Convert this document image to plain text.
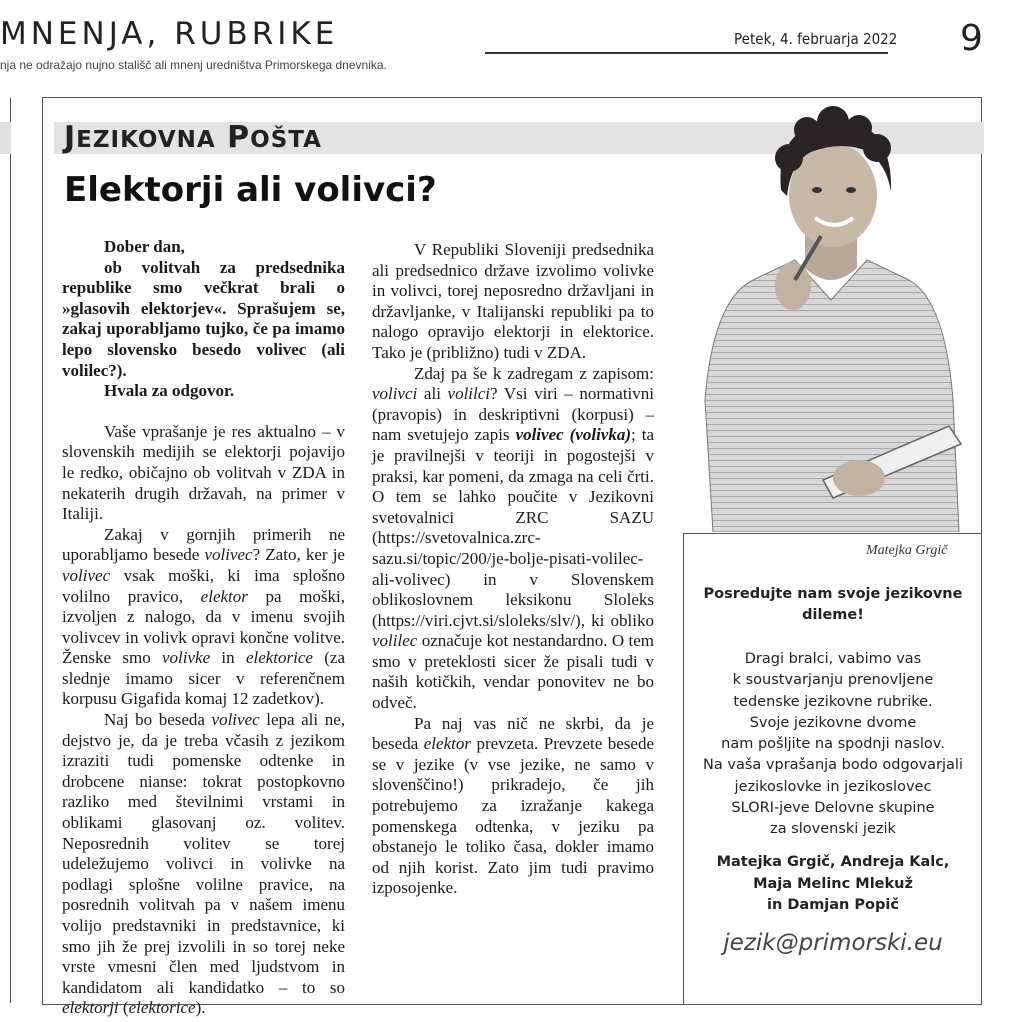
MNENJA, RUBRIKE
nja ne odražajo nujno stališč ali mnenj uredništva Primorskega dnevnika.
Petek, 4. februarja 2022 9
JEZIKOVNA POŠTA
Elektorji ali volivci?

Dober dan,

ob volitvah za predsednika republike smo večkrat brali o »glasovih elektorjev«. Sprašujem se, zakaj uporabljamo tujko, če pa imamo lepo slovensko besedo volivec (ali volilec?).

Hvala za odgovor.

Vaše vprašanje je res aktualno – v slovenskih medijih se elektorji pojavijo le redko, običajno ob volitvah v ZDA in nekaterih drugih državah, na primer v Italiji.

Zakaj v gornjih primerih ne uporabljamo besede volivec? Zato, ker je volivec vsak moški, ki ima splošno volilno pravico, elektor pa moški, izvoljen z nalogo, da v imenu svojih volivcev in volivk opravi končne volitve. Ženske smo volivke in elektorice (za slednje imamo sicer v referenčnem korpusu Gigafida komaj 12 zadetkov).

Naj bo beseda volivec lepa ali ne, dejstvo je, da je treba včasih z jezikom izraziti tudi pomenske odtenke in drobcene nianse: tokrat postopkovno razliko med številnimi vrstami in oblikami glasovanj oz. volitev. Neposrednih volitev se torej udeležujemo volivci in volivke na podlagi splošne volilne pravice, na posrednih volitvah pa v našem imenu volijo predstavniki in predstavnice, ki smo jih že prej izvolili in so torej neke vrste vmesni člen med ljudstvom in kandidatom ali kandidatko – to so elektorji (elektorice).

V Republiki Sloveniji predsednika ali predsednico države izvolimo volivke in volivci, torej neposredno državljani in državljanke, v Italijanski republiki pa to nalogo opravijo elektorji in elektorice. Tako je (približno) tudi v ZDA.

Zdaj pa še k zadregam z zapisom: volivci ali volilci? Vsi viri – normativni (pravopis) in deskriptivni (korpusi) – nam svetujejo zapis volivec (volivka); ta je pravilnejši v teoriji in pogostejši v praksi, kar pomeni, da zmaga na celi črti. O tem se lahko poučite v Jezikovni svetovalnici ZRC SAZU (https://svetovalnica.zrc-sazu.si/topic/200/je-bolje-pisati-volilec-ali-volivec) in v Slovenskem oblikoslovnem leksikonu Sloleks (https://viri.cjvt.si/sloleks/slv/), ki obliko volilec označuje kot nestandardno. O tem smo v preteklosti sicer že pisali tudi v naših kotičkih, vendar ponovitev ne bo odveč.

Pa naj vas nič ne skrbi, da je beseda elektor prevzeta. Prevzete besede se v jezike (v vse jezike, ne samo v slovenščino!) prikradejo, če jih potrebujemo za izražanje kakega pomenskega odtenka, v jeziku pa obstanejo le toliko časa, dokler imamo od njih korist. Zato jim tudi pravimo izposojenke.

Matejka Grgič
Posredujte nam svoje jezikovne dileme!
Dragi bralci, vabimo vas
k soustvarjanju prenovljene
tedenske jezikovne rubrike.
Svoje jezikovne dvome
nam pošljite na spodnji naslov.
Na vaša vprašanja bodo odgovarjali
jezikoslovke in jezikoslovec
SLORI-jeve Delovne skupine
za slovenski jezik
Matejka Grgič, Andreja Kalc,
Maja Melinc Mlekuž
in Damjan Popič
jezik@primorski.eu
